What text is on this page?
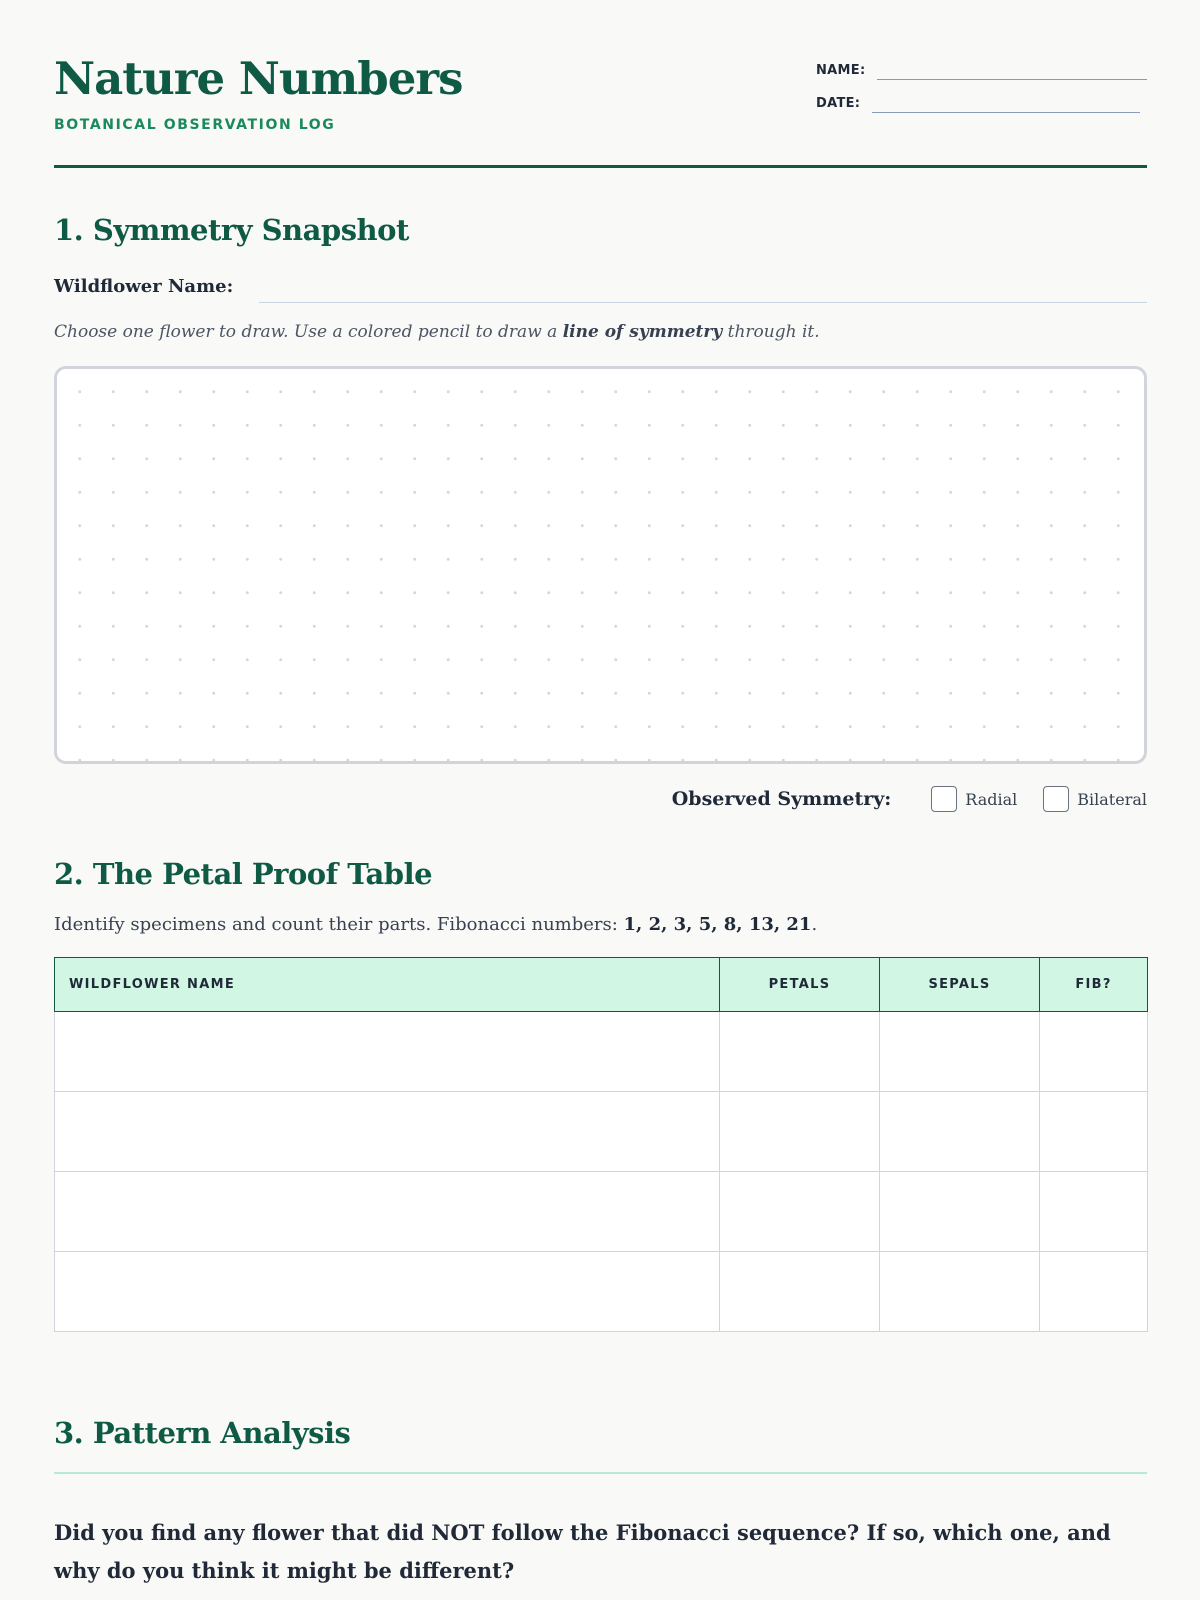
Nature Numbers
BOTANICAL OBSERVATION LOG
NAME:
DATE:
1. Symmetry Snapshot
Wildflower Name:

Choose one flower to draw. Use a colored pencil to draw a line of symmetry through it.

Observed Symmetry:	Radial	Bilateral
2. The Petal Proof Table

Identify specimens and count their parts. Fibonacci numbers: 1, 2, 3, 5, 8, 13, 21.

WILDFLOWER NAME	PETALS	SEPALS	FIB?

3. Pattern Analysis

Did you find any flower that did NOT follow the Fibonacci sequence? If so, which one, and why do you think it might be different?
